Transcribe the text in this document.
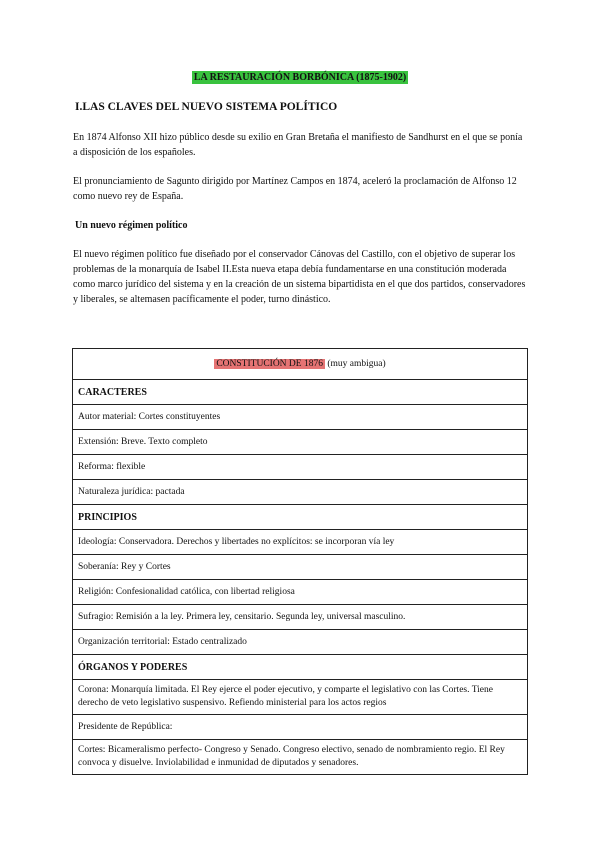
LA RESTAURACIÓN BORBÓNICA (1875-1902)
I.LAS CLAVES DEL NUEVO SISTEMA POLÍTICO
En 1874 Alfonso XII hizo público desde su exilio en Gran Bretaña el manifiesto de Sandhurst en el que se ponía a disposición de los españoles.
El pronunciamiento de Sagunto dirigido por Martínez Campos en 1874, aceleró la proclamación de Alfonso 12 como nuevo rey de España.
Un nuevo régimen político
El nuevo régimen político fue diseñado por el conservador Cánovas del Castillo, con el objetivo de superar los problemas de la monarquía de Isabel II.Esta nueva etapa debía fundamentarse en una constitución moderada como marco jurídico del sistema y en la creación de un sistema bipartidista en el que dos partidos, conservadores y liberales, se altemasen pacíficamente el poder, turno dinástico.
CONSTITUCIÓN DE 1876 (muy ambigua)
CARACTERES
Autor material: Cortes constituyentes
Extensión: Breve. Texto completo
Reforma: flexible
Naturaleza jurídica: pactada
PRINCIPIOS
Ideología: Conservadora. Derechos y libertades no explícitos: se incorporan vía ley
Soberanía: Rey y Cortes
Religión: Confesionalidad católica, con libertad religiosa
Sufragio: Remisión a la ley. Primera ley, censitario. Segunda ley, universal masculino.
Organización territorial: Estado centralizado
ÓRGANOS Y PODERES
Corona: Monarquía limitada. El Rey ejerce el poder ejecutivo, y comparte el legislativo con las Cortes. Tiene derecho de veto legislativo suspensivo. Refiendo ministerial para los actos regios
Presidente de República:
Cortes: Bicameralismo perfecto- Congreso y Senado. Congreso electivo, senado de nombramiento regio. El Rey convoca y disuelve. Inviolabilidad e inmunidad de diputados y senadores.
